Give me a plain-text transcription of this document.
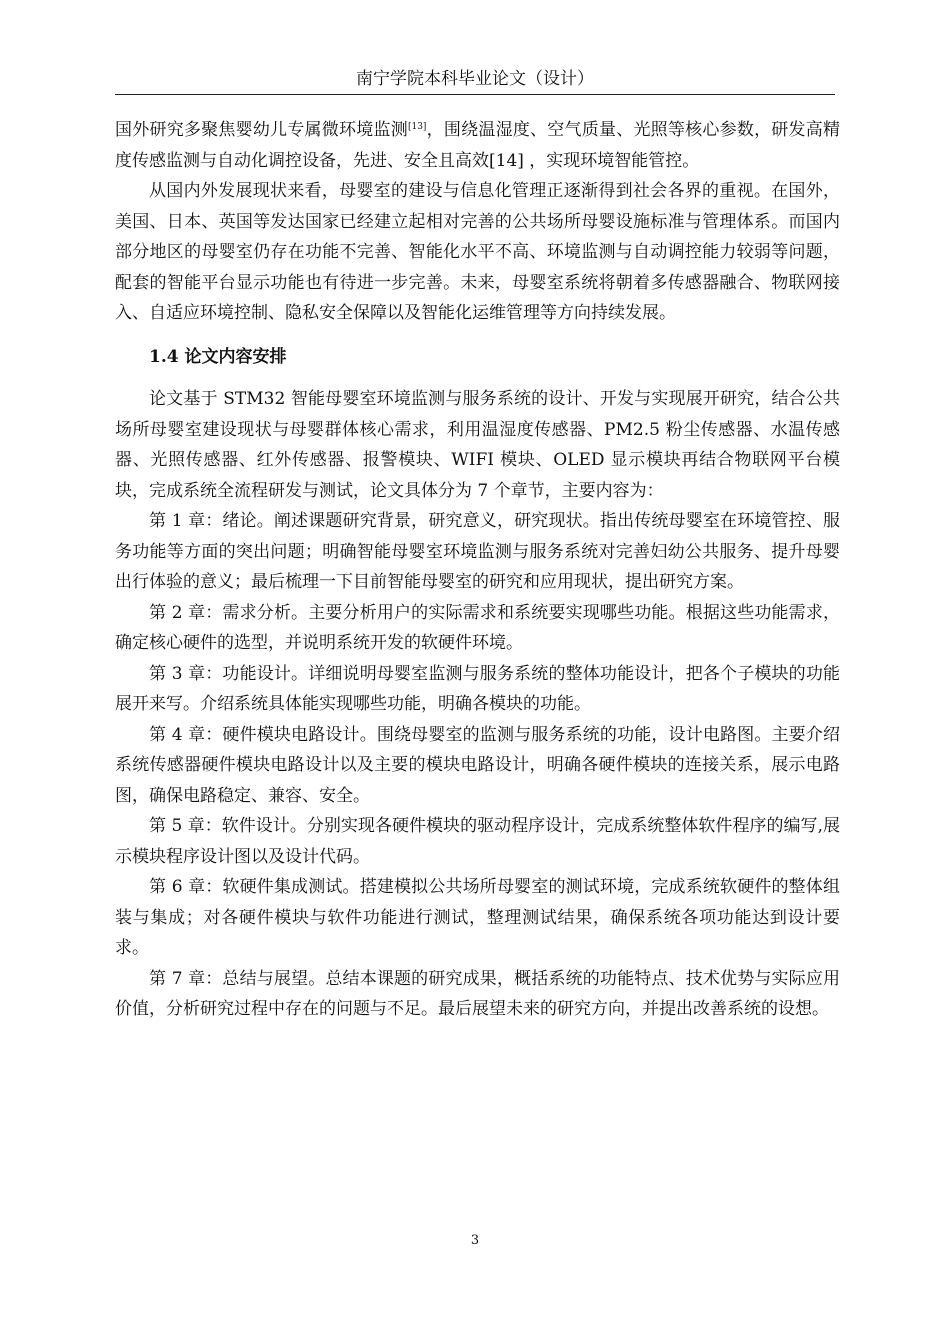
南宁学院本科毕业论文（设计）

国外研究多聚焦婴幼儿专属微环境监测[13]，围绕温湿度、空气质量、光照等核心参数，研发高精度传感监测与自动化调控设备，先进、安全且高效[14] ，实现环境智能管控。

从国内外发展现状来看，母婴室的建设与信息化管理正逐渐得到社会各界的重视。在国外，美国、日本、英国等发达国家已经建立起相对完善的公共场所母婴设施标准与管理体系。而国内部分地区的母婴室仍存在功能不完善、智能化水平不高、环境监测与自动调控能力较弱等问题，配套的智能平台显示功能也有待进一步完善。未来，母婴室系统将朝着多传感器融合、物联网接入、自适应环境控制、隐私安全保障以及智能化运维管理等方向持续发展。

1.4 论文内容安排

论文基于 STM32 智能母婴室环境监测与服务系统的设计、开发与实现展开研究，结合公共场所母婴室建设现状与母婴群体核心需求，利用温湿度传感器、PM2.5 粉尘传感器、水温传感器、光照传感器、红外传感器、报警模块、WIFI 模块、OLED 显示模块再结合物联网平台模块，完成系统全流程研发与测试，论文具体分为 7 个章节，主要内容为：

第 1 章：绪论。阐述课题研究背景，研究意义，研究现状。指出传统母婴室在环境管控、服务功能等方面的突出问题；明确智能母婴室环境监测与服务系统对完善妇幼公共服务、提升母婴出行体验的意义；最后梳理一下目前智能母婴室的研究和应用现状，提出研究方案。

第 2 章：需求分析。主要分析用户的实际需求和系统要实现哪些功能。根据这些功能需求，确定核心硬件的选型，并说明系统开发的软硬件环境。

第 3 章：功能设计。详细说明母婴室监测与服务系统的整体功能设计，把各个子模块的功能展开来写。介绍系统具体能实现哪些功能，明确各模块的功能。

第 4 章：硬件模块电路设计。围绕母婴室的监测与服务系统的功能，设计电路图。主要介绍系统传感器硬件模块电路设计以及主要的模块电路设计，明确各硬件模块的连接关系，展示电路图，确保电路稳定、兼容、安全。

第 5 章：软件设计。分别实现各硬件模块的驱动程序设计，完成系统整体软件程序的编写,展示模块程序设计图以及设计代码。

第 6 章：软硬件集成测试。搭建模拟公共场所母婴室的测试环境，完成系统软硬件的整体组装与集成；对各硬件模块与软件功能进行测试，整理测试结果，确保系统各项功能达到设计要求。

第 7 章：总结与展望。总结本课题的研究成果，概括系统的功能特点、技术优势与实际应用价值，分析研究过程中存在的问题与不足。最后展望未来的研究方向，并提出改善系统的设想。

3
